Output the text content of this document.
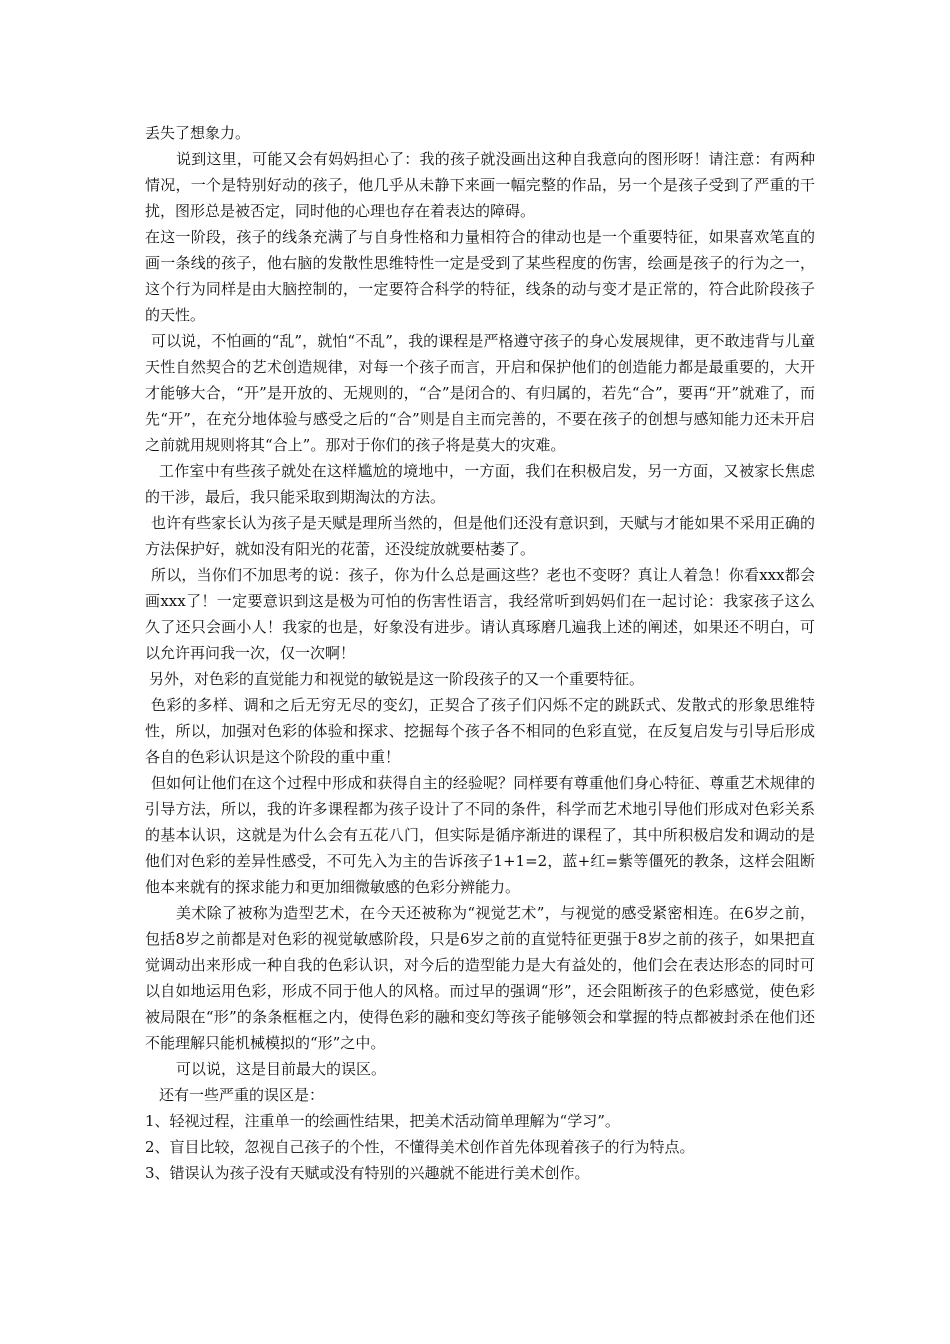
丢失了想象力。

说到这里，可能又会有妈妈担心了：我的孩子就没画出这种自我意向的图形呀！请注意：有两种情况，一个是特别好动的孩子，他几乎从未静下来画一幅完整的作品，另一个是孩子受到了严重的干扰，图形总是被否定，同时他的心理也存在着表达的障碍。

在这一阶段，孩子的线条充满了与自身性格和力量相符合的律动也是一个重要特征，如果喜欢笔直的画一条线的孩子，他右脑的发散性思维特性一定是受到了某些程度的伤害，绘画是孩子的行为之一，这个行为同样是由大脑控制的，一定要符合科学的特征，线条的动与变才是正常的，符合此阶段孩子的天性。

可以说，不怕画的“乱”，就怕“不乱”，我的课程是严格遵守孩子的身心发展规律，更不敢违背与儿童天性自然契合的艺术创造规律，对每一个孩子而言，开启和保护他们的创造能力都是最重要的，大开才能够大合，“开”是开放的、无规则的，“合”是闭合的、有归属的，若先“合”，要再“开”就难了，而先“开”，在充分地体验与感受之后的“合”则是自主而完善的，不要在孩子的创想与感知能力还未开启之前就用规则将其“合上”。那对于你们的孩子将是莫大的灾难。

工作室中有些孩子就处在这样尴尬的境地中，一方面，我们在积极启发，另一方面，又被家长焦虑的干涉，最后，我只能采取到期淘汰的方法。

也许有些家长认为孩子是天赋是理所当然的，但是他们还没有意识到，天赋与才能如果不采用正确的方法保护好，就如没有阳光的花蕾，还没绽放就要枯萎了。

所以，当你们不加思考的说：孩子，你为什么总是画这些？老也不变呀？真让人着急！你看xxx都会画xxx了！一定要意识到这是极为可怕的伤害性语言，我经常听到妈妈们在一起讨论：我家孩子这么久了还只会画小人！我家的也是，好象没有进步。请认真琢磨几遍我上述的阐述，如果还不明白，可以允许再问我一次，仅一次啊！

另外，对色彩的直觉能力和视觉的敏锐是这一阶段孩子的又一个重要特征。

色彩的多样、调和之后无穷无尽的变幻，正契合了孩子们闪烁不定的跳跃式、发散式的形象思维特性，所以，加强对色彩的体验和探求、挖掘每个孩子各不相同的色彩直觉，在反复启发与引导后形成各自的色彩认识是这个阶段的重中重！

但如何让他们在这个过程中形成和获得自主的经验呢？同样要有尊重他们身心特征、尊重艺术规律的引导方法，所以，我的许多课程都为孩子设计了不同的条件，科学而艺术地引导他们形成对色彩关系的基本认识，这就是为什么会有五花八门，但实际是循序渐进的课程了，其中所积极启发和调动的是他们对色彩的差异性感受，不可先入为主的告诉孩子1+1=2，蓝+红=紫等僵死的教条，这样会阻断他本来就有的探求能力和更加细微敏感的色彩分辨能力。

美术除了被称为造型艺术，在今天还被称为“视觉艺术”，与视觉的感受紧密相连。在6岁之前，包括8岁之前都是对色彩的视觉敏感阶段，只是6岁之前的直觉特征更强于8岁之前的孩子，如果把直觉调动出来形成一种自我的色彩认识，对今后的造型能力是大有益处的，他们会在表达形态的同时可以自如地运用色彩，形成不同于他人的风格。而过早的强调“形”，还会阻断孩子的色彩感觉，使色彩被局限在“形”的条条框框之内，使得色彩的融和变幻等孩子能够领会和掌握的特点都被封杀在他们还不能理解只能机械模拟的“形”之中。

可以说，这是目前最大的误区。

还有一些严重的误区是：

1、轻视过程，注重单一的绘画性结果，把美术活动简单理解为“学习”。

2、盲目比较，忽视自己孩子的个性，不懂得美术创作首先体现着孩子的行为特点。

3、错误认为孩子没有天赋或没有特别的兴趣就不能进行美术创作。
